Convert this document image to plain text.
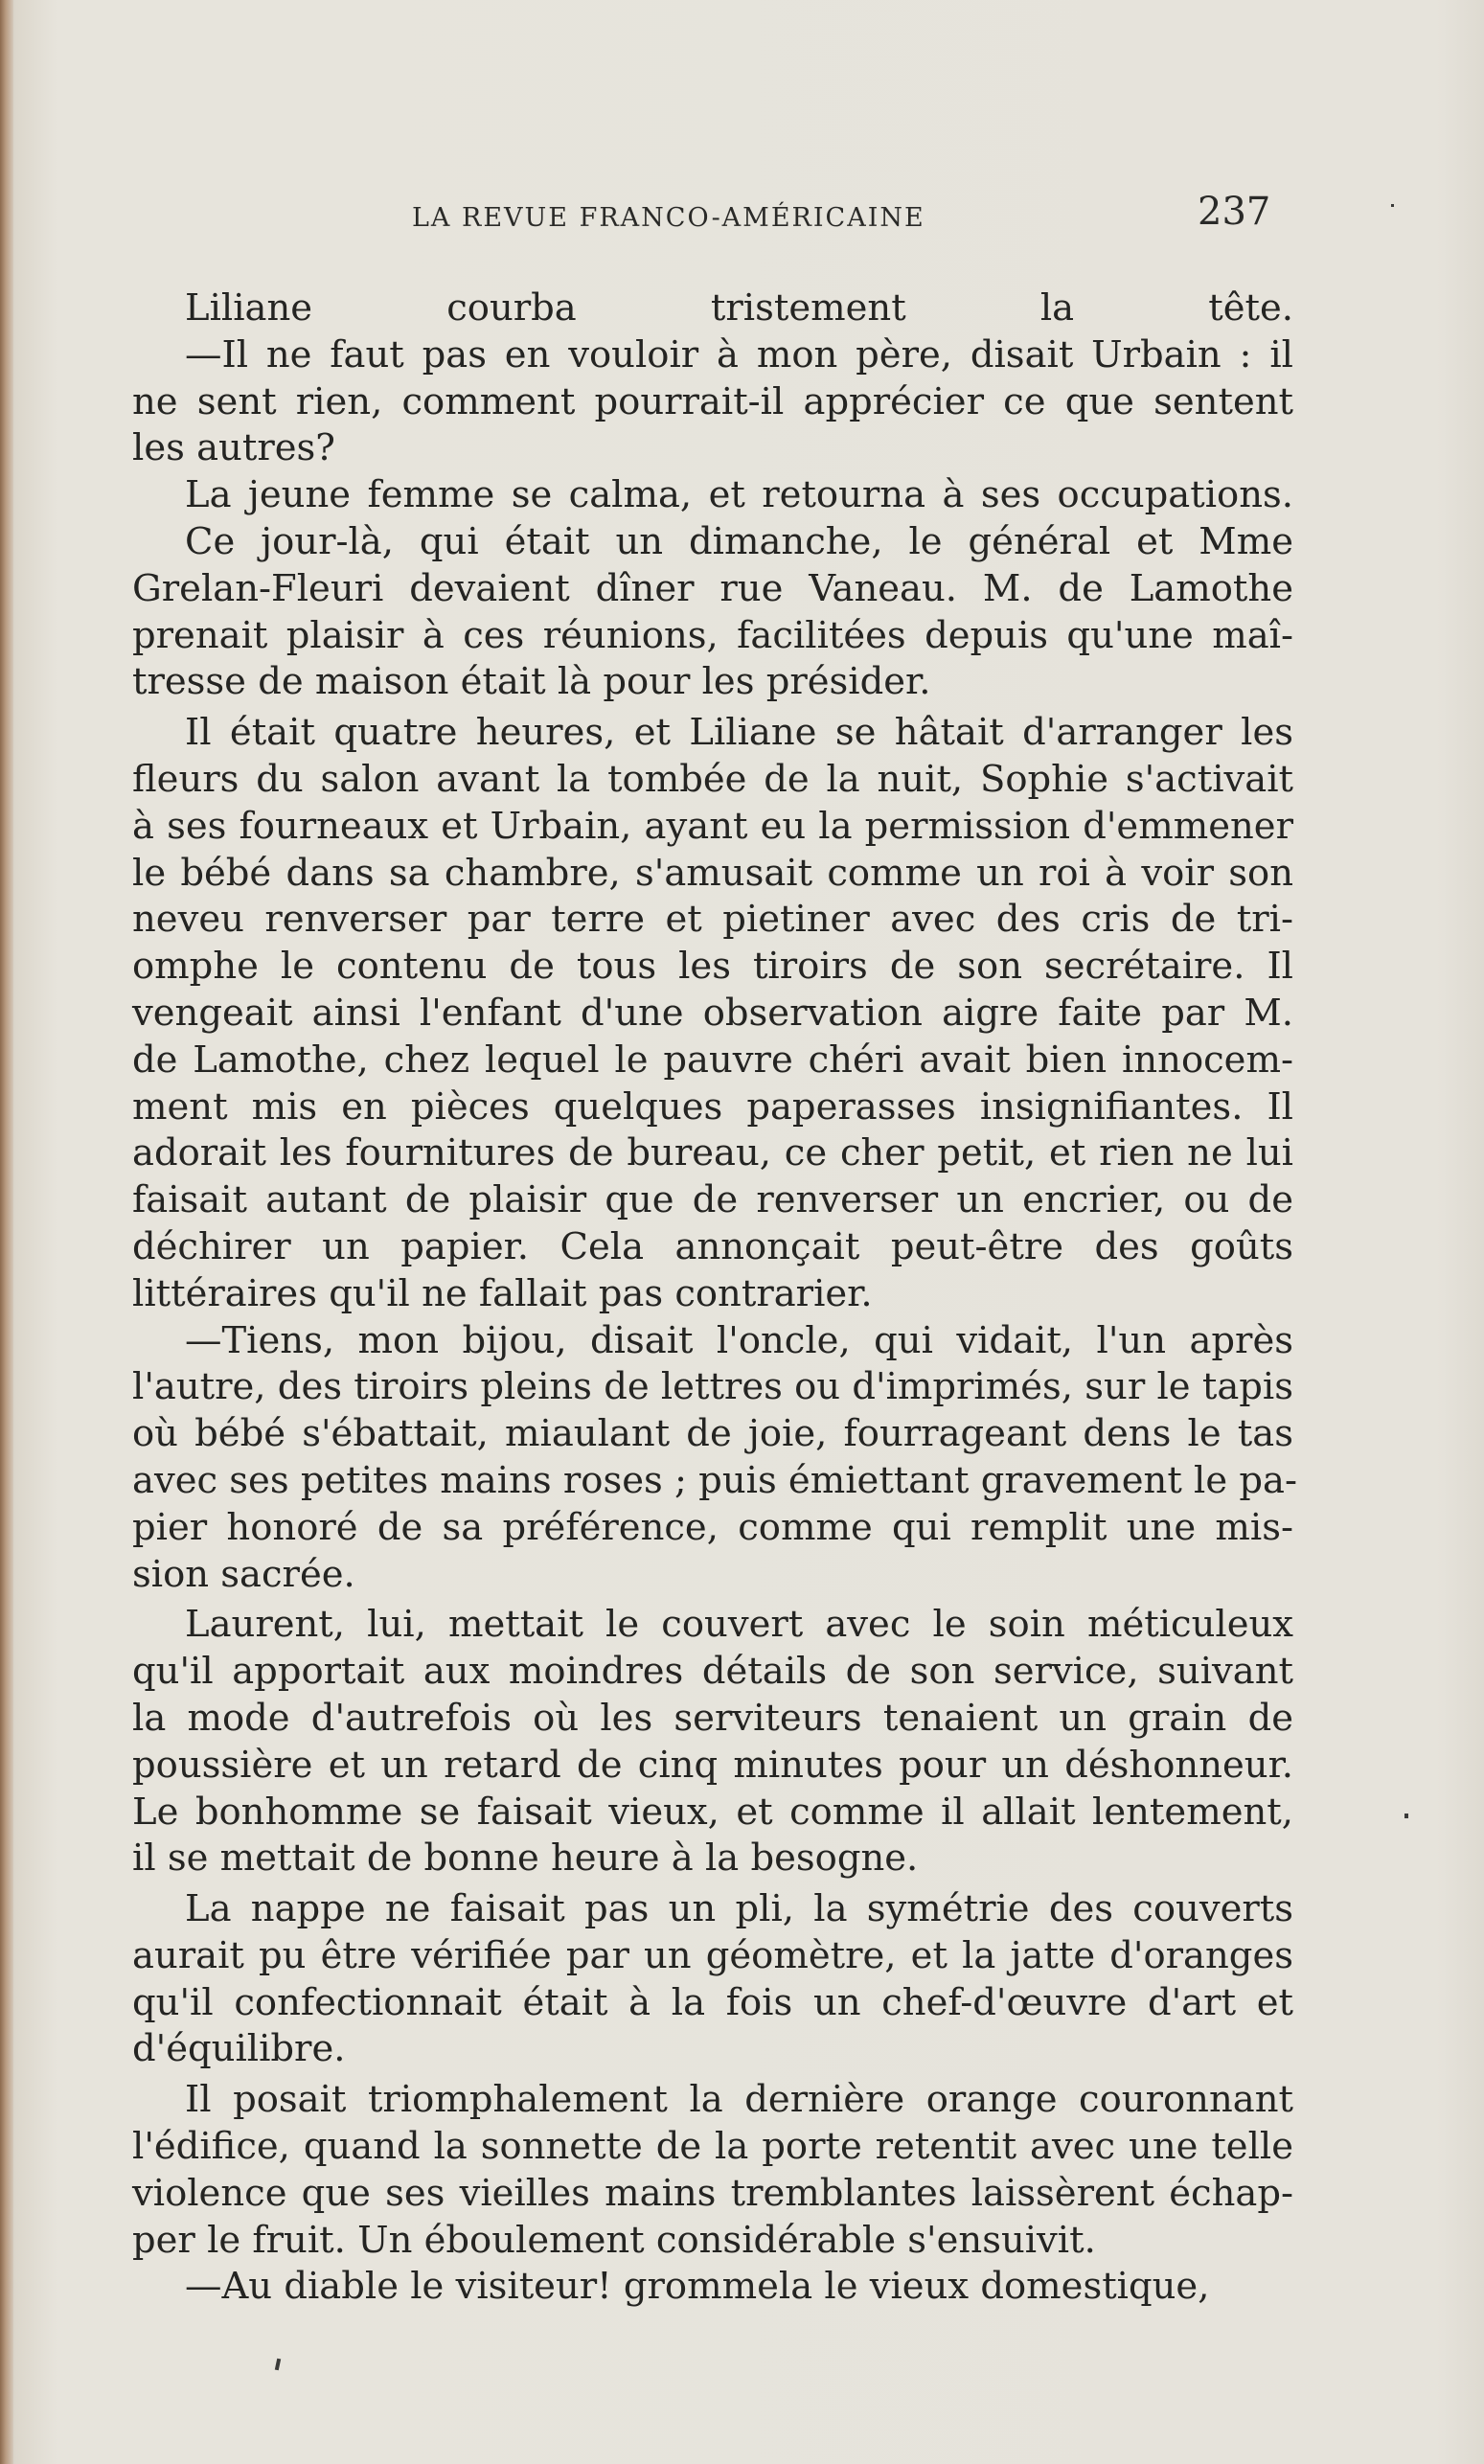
LA REVUE FRANCO-AMÉRICAINE	237
Liliane courba tristement la tête.
—Il ne faut pas en vouloir à mon père, disait Urbain : il
ne sent rien, comment pourrait-il apprécier ce que sentent
les autres?
La jeune femme se calma, et retourna à ses occupations.
Ce jour-là, qui était un dimanche, le général et Mme
Grelan-Fleuri devaient dîner rue Vaneau. M. de Lamothe
prenait plaisir à ces réunions, facilitées depuis qu'une maî-
tresse de maison était là pour les présider.
Il était quatre heures, et Liliane se hâtait d'arranger les
fleurs du salon avant la tombée de la nuit, Sophie s'activait
à ses fourneaux et Urbain, ayant eu la permission d'emmener
le bébé dans sa chambre, s'amusait comme un roi à voir son
neveu renverser par terre et pietiner avec des cris de tri-
omphe le contenu de tous les tiroirs de son secrétaire. Il
vengeait ainsi l'enfant d'une observation aigre faite par M.
de Lamothe, chez lequel le pauvre chéri avait bien innocem-
ment mis en pièces quelques paperasses insignifiantes. Il
adorait les fournitures de bureau, ce cher petit, et rien ne lui
faisait autant de plaisir que de renverser un encrier, ou de
déchirer un papier. Cela annonçait peut-être des goûts
littéraires qu'il ne fallait pas contrarier.
—Tiens, mon bijou, disait l'oncle, qui vidait, l'un après
l'autre, des tiroirs pleins de lettres ou d'imprimés, sur le tapis
où bébé s'ébattait, miaulant de joie, fourrageant dens le tas
avec ses petites mains roses ; puis émiettant gravement le pa-
pier honoré de sa préférence, comme qui remplit une mis-
sion sacrée.
Laurent, lui, mettait le couvert avec le soin méticuleux
qu'il apportait aux moindres détails de son service, suivant
la mode d'autrefois où les serviteurs tenaient un grain de
poussière et un retard de cinq minutes pour un déshonneur.
Le bonhomme se faisait vieux, et comme il allait lentement,
il se mettait de bonne heure à la besogne.
La nappe ne faisait pas un pli, la symétrie des couverts
aurait pu être vérifiée par un géomètre, et la jatte d'oranges
qu'il confectionnait était à la fois un chef-d'œuvre d'art et
d'équilibre.
Il posait triomphalement la dernière orange couronnant
l'édifice, quand la sonnette de la porte retentit avec une telle
violence que ses vieilles mains tremblantes laissèrent échap-
per le fruit. Un éboulement considérable s'ensuivit.
—Au diable le visiteur! grommela le vieux domestique,
